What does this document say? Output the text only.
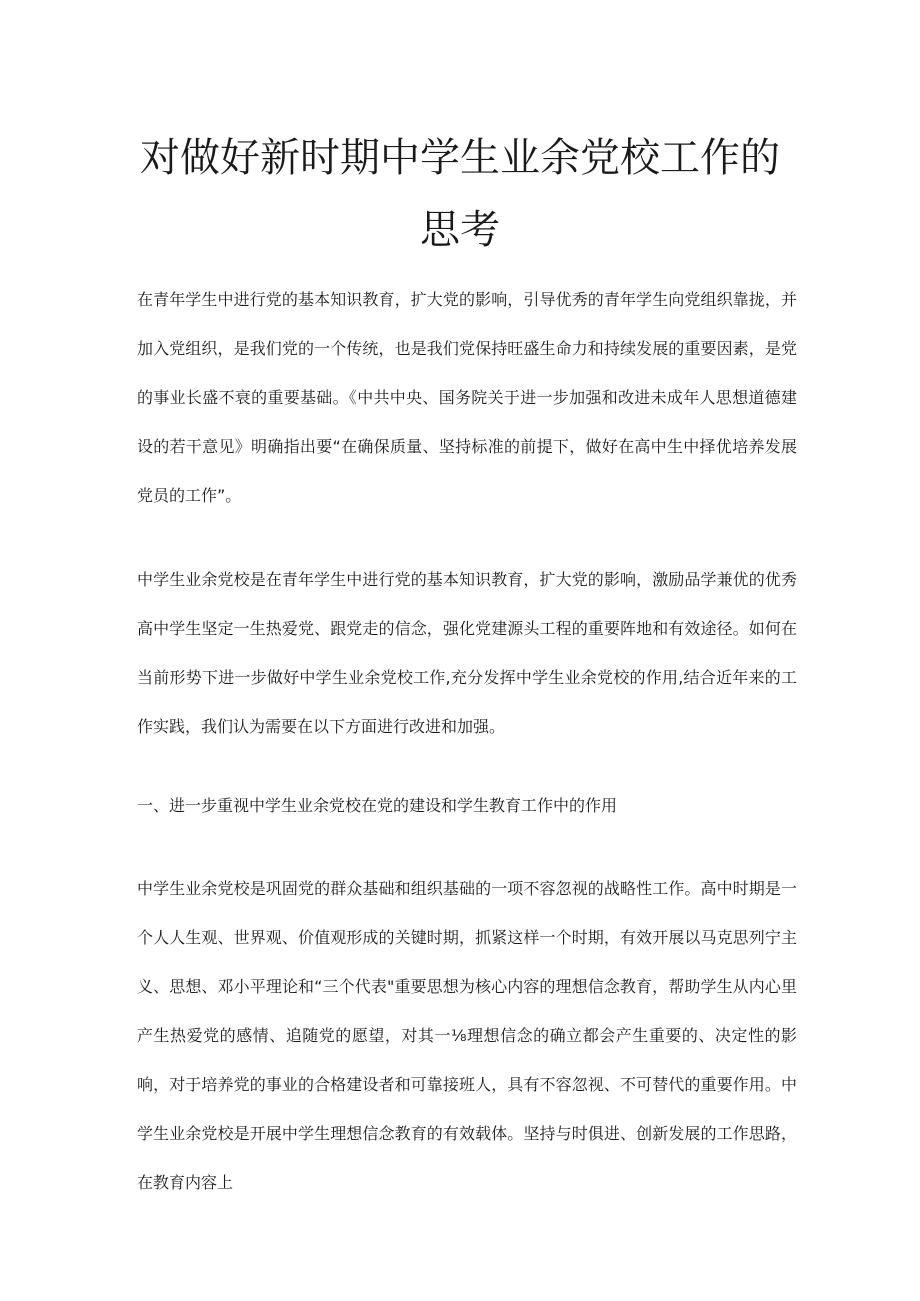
对做好新时期中学生业余党校工作的思考

在青年学生中进行党的基本知识教育，扩大党的影响，引导优秀的青年学生向党组织靠拢，并加入党组织，是我们党的一个传统，也是我们党保持旺盛生命力和持续发展的重要因素，是党的事业长盛不衰的重要基础。《中共中央、国务院关于进一步加强和改进未成年人思想道德建设的若干意见》明确指出要“在确保质量、坚持标准的前提下，做好在高中生中择优培养发展党员的工作”。

中学生业余党校是在青年学生中进行党的基本知识教育，扩大党的影响，激励品学兼优的优秀高中学生坚定一生热爱党、跟党走的信念，强化党建源头工程的重要阵地和有效途径。如何在当前形势下进一步做好中学生业余党校工作,充分发挥中学生业余党校的作用,结合近年来的工作实践，我们认为需要在以下方面进行改进和加强。

一、进一步重视中学生业余党校在党的建设和学生教育工作中的作用

中学生业余党校是巩固党的群众基础和组织基础的一项不容忽视的战略性工作。高中时期是一个人人生观、世界观、价值观形成的关键时期，抓紧这样一个时期，有效开展以马克思列宁主义、思想、邓小平理论和“三个代表"重要思想为核心内容的理想信念教育，帮助学生从内心里产生热爱党的感情、追随党的愿望，对其一⅛理想信念的确立都会产生重要的、决定性的影响，对于培养党的事业的合格建设者和可靠接班人，具有不容忽视、不可替代的重要作用。中学生业余党校是开展中学生理想信念教育的有效载体。坚持与时俱进、创新发展的工作思路，在教育内容上
